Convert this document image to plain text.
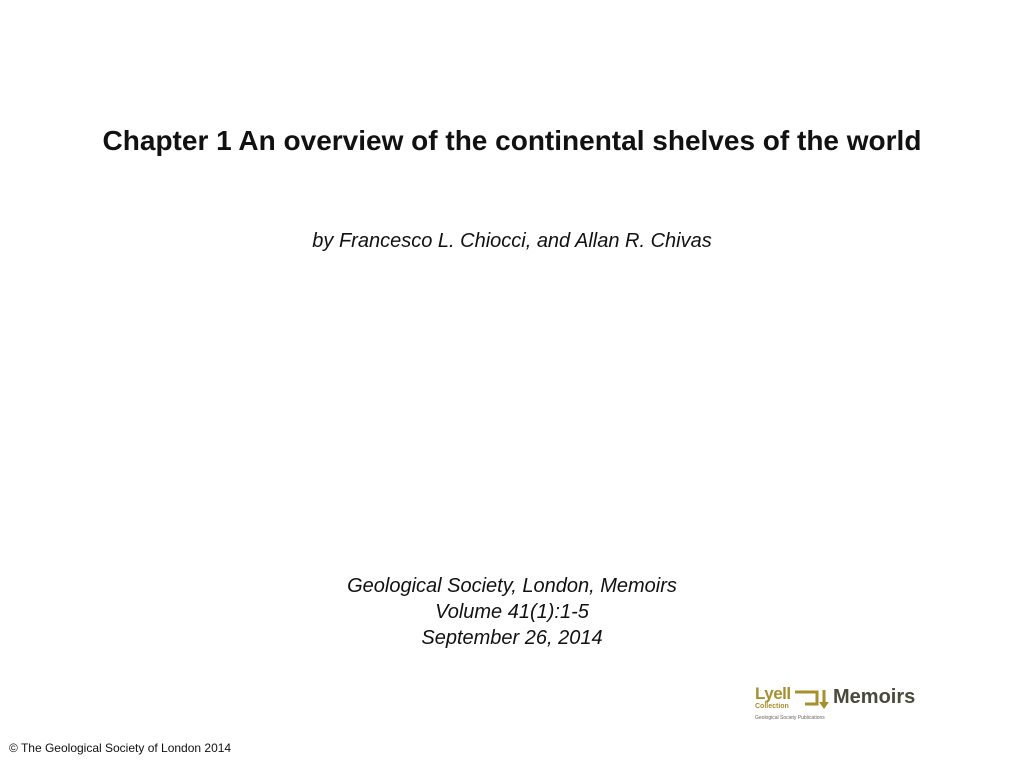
Chapter 1 An overview of the continental shelves of the world
by Francesco L. Chiocci, and Allan R. Chivas
Geological Society, London, Memoirs
Volume 41(1):1-5
September 26, 2014
Lyell
Collection Memoirs
Geological Society Publications
© The Geological Society of London 2014
